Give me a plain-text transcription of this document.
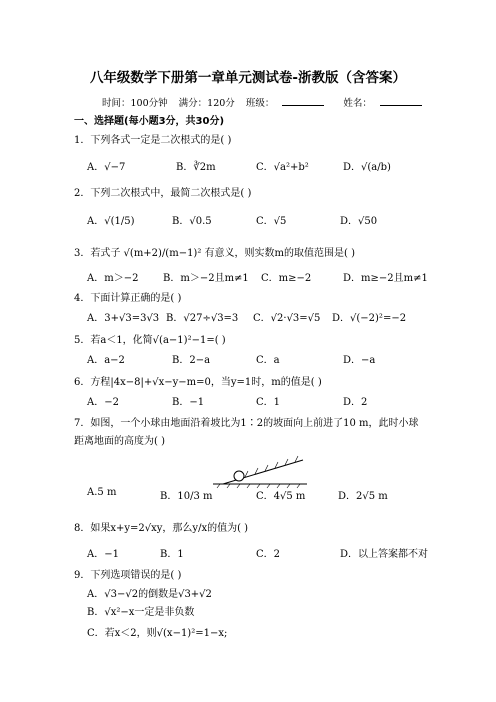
八年级数学下册第一章单元测试卷-浙教版（含答案）
时间：100分钟 满分：120分 班级：	姓名：
一、选择题(每小题3分，共30分)
1．下列各式一定是二次根式的是( )
A．√−7	B．∛2m	C．√a²+b²	D．√(a/b)
2．下列二次根式中，最简二次根式是( )
A．√(1/5)	B．√0.5	C．√5	D．√50
3．若式子 √(m+2)/(m−1)² 有意义，则实数m的取值范围是( )
A．m＞−2 B．m＞−2且m≠1 C．m≥−2	D．m≥−2且m≠1
4．下面计算正确的是( )
A．3+√3=3√3 B．√27÷√3=3 C．√2·√3=√5 D．√(−2)²=−2
5．若a＜1，化简√(a−1)²−1=( )
A．a−2	B．2−a	C．a	D．−a
6．方程|4x−8|+√x−y−m=0，当y=1时，m的值是( )
A．−2	B．−1	C．1	D．2
7．如图，一个小球由地面沿着坡比为1∶2的坡面向上前进了10 m，此时小球
距离地面的高度为( )
A.5 m	B．10/3 m	C．4√5 m	D．2√5 m
8．如果x+y=2√xy，那么y/x的值为( )
A．−1	B．1	C．2	D．以上答案都不对
9．下列选项错误的是( )
A．√3−√2的倒数是√3+√2
B．√x²−x一定是非负数
C．若x＜2，则√(x−1)²=1−x;
